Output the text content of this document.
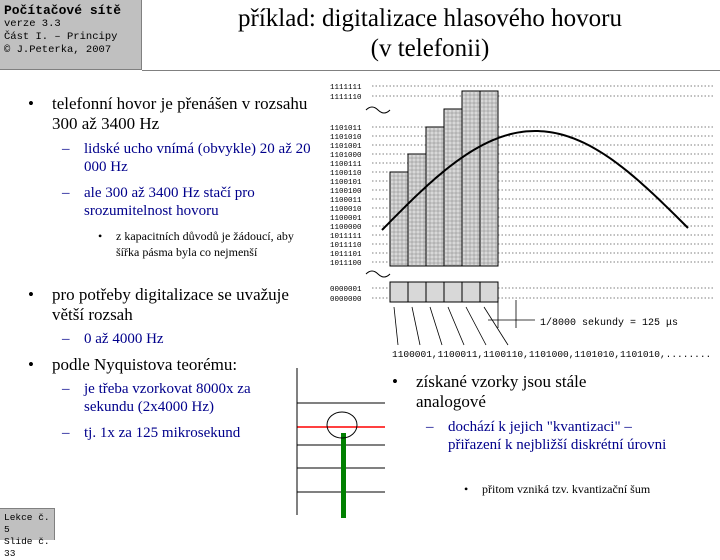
Počítačové sítě
verze 3.3
Část I. – Principy
© J.Peterka, 2007
příklad: digitalizace hlasového hovoru
(v telefonii)
• telefonní hovor je přenášen v rozsahu 300 až 3400 Hz
– lidské ucho vnímá (obvykle) 20 až 20 000 Hz
– ale 300 až 3400 Hz stačí pro srozumitelnost hovoru
• z kapacitních důvodů je žádoucí, aby šířka pásma byla co nejmenší
• pro potřeby digitalizace se uvažuje větší rozsah
– 0 až 4000 Hz
• podle Nyquistova teorému:
– je třeba vzorkovat 8000x za sekundu (2x4000 Hz)
– tj. 1x za 125 mikrosekund
• získané vzorky jsou stále analogové
– dochází k jejich "kvantizaci" – přiřazení k nejbližší diskrétní úrovni
• přitom vzniká tzv. kvantizační šum
1111111
1111110
1101011
1101010
1101001
1101000
1100111
1100110
1100101
1100100
1100011
1100010
1100001
1100000
1011111
1011110
1011101
1011100
0000001
0000000
1/8000 sekundy = 125 μs
1100001,1100011,1100110,1101000,1101010,1101010,........
Lekce č. 5
Slide č. 33
